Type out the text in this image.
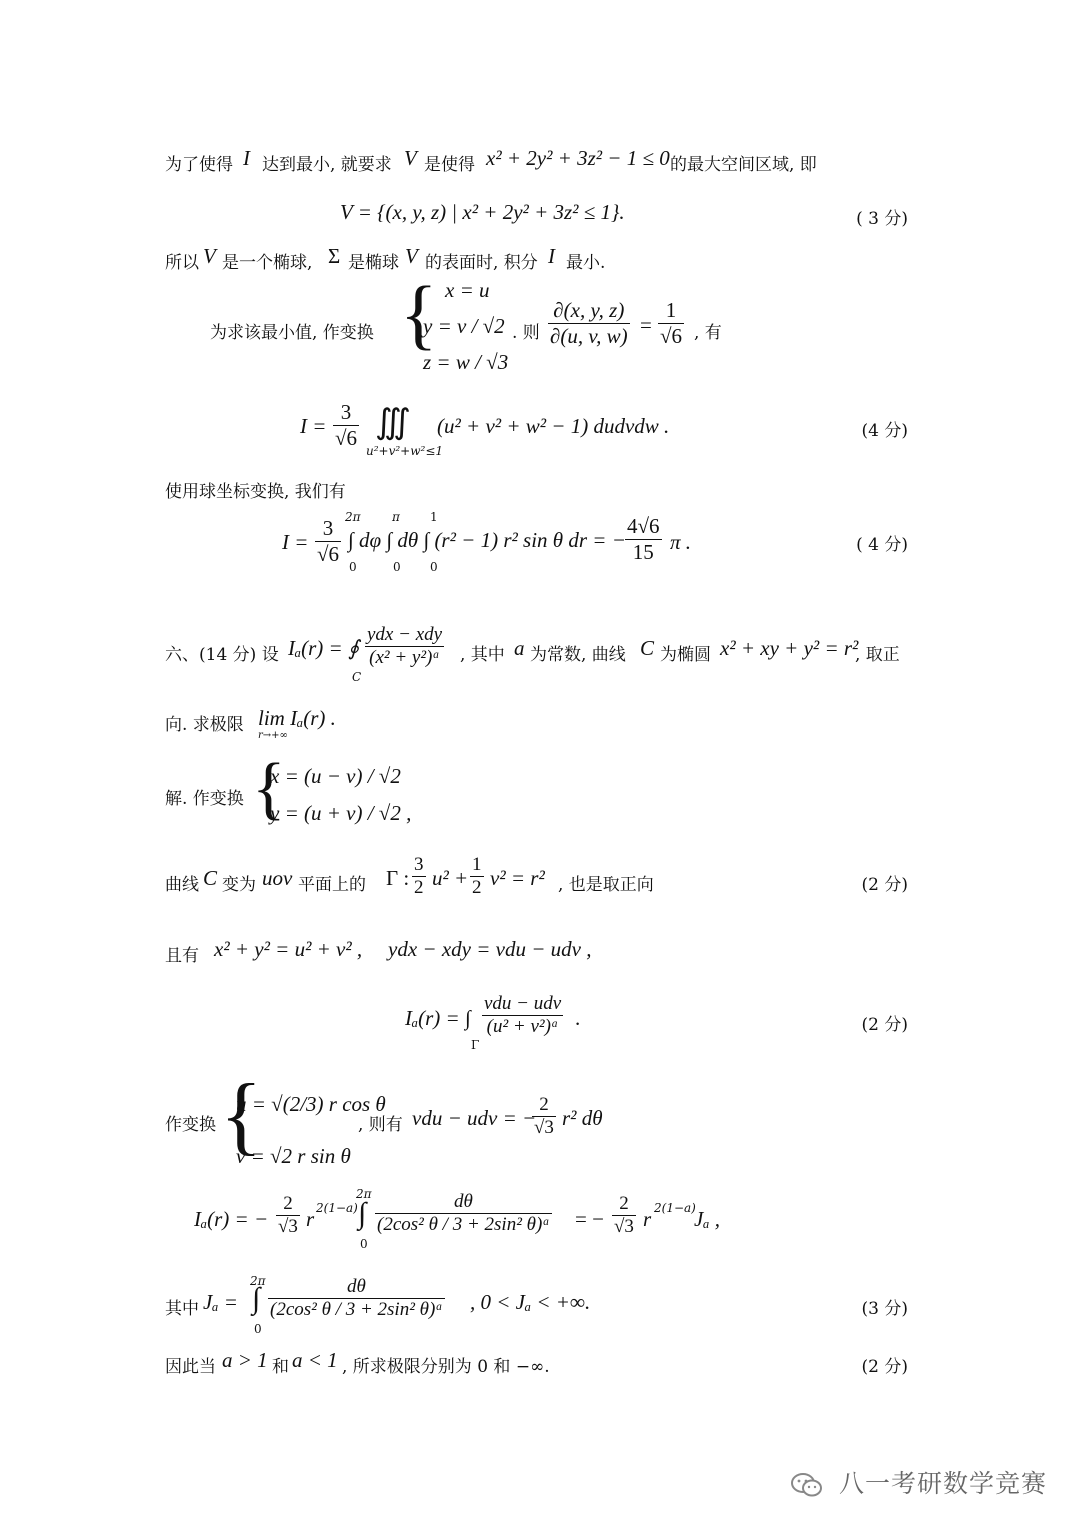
为了使得 I 达到最小, 就要求 V 是使得 x² + 2y² + 3z² − 1 ≤ 0 的最大空间区域, 即
V = {(x, y, z) | x² + 2y² + 3z² ≤ 1}.	( 3 分)
所以 V 是一个椭球, Σ 是椭球 V 的表面时, 积分 I 最小.
为求该最小值, 作变换 { x = u
y = v / √2
z = w / √3
. 则 $\frac{\partial(x, y, z)}{\partial(u, v, w)} = \frac{1}{√6}$ , 有
$I = \frac{3}{√6}$ ∭
u²+v²+w²≤1
(u² + v² + w² − 1) dudvdw .	(4 分)
使用球坐标变换, 我们有
$I = \frac{3}{√6} 2\pi$	π	1
0	0 0
∫ dφ ∫ dθ ∫ (r² − 1) r² sin θ dr = − $\frac{4√6}{15}$ π .	( 4 分)
六、(14 分) 设 Iₐ(r) = ∮
ydx − xdy
(x² + y²)ᵃ
C
, 其中 a 为常数, 曲线 C 为椭圆 x² + xy + y² = r²
, 取正
向. 求极限 lim Iₐ(r) .
r→+∞
解. 作变换 {
x = (u − v) / √2
y = (u + v) / √2 ,
曲线 C 变为 uov 平面上的 Γ : $\frac{3}{2} u^2 + \frac{1}{2} v^2 = r^2$ , 也是取正向	(2 分)
且有 x² + y² = u² + v² , ydx − xdy = vdu − udv ,
Iₐ(r) = ∫
vdu − udv
(u² + v²)ᵃ
Γ
.	(2 分)
作变换 {
u = √(2/3) r cos θ
v = √2 r sin θ
, 则有 vdu − udv = −
$\frac{2}{√3} r^2$ dθ
Iₐ(r) = − $\frac{2}{√3}$ r 2(1−a)
2π
∫
0
$\frac{d\theta}{\text{(2cos² θ / 3 + 2sin² θ)ᵃ}}$ = − $\frac{2}{√3}$ r 2(1−a)
Jₐ ,
其中 Jₐ =
2π
∫
0
$\frac{d\theta}{\text{(2cos² θ / 3 + 2sin² θ)ᵃ}}$ , 0 < Jₐ < +∞.	(3 分)
因此当 a > 1 和 a < 1 , 所求极限分别为 0 和 −∞.	(2 分)
八一考研数学竞赛
